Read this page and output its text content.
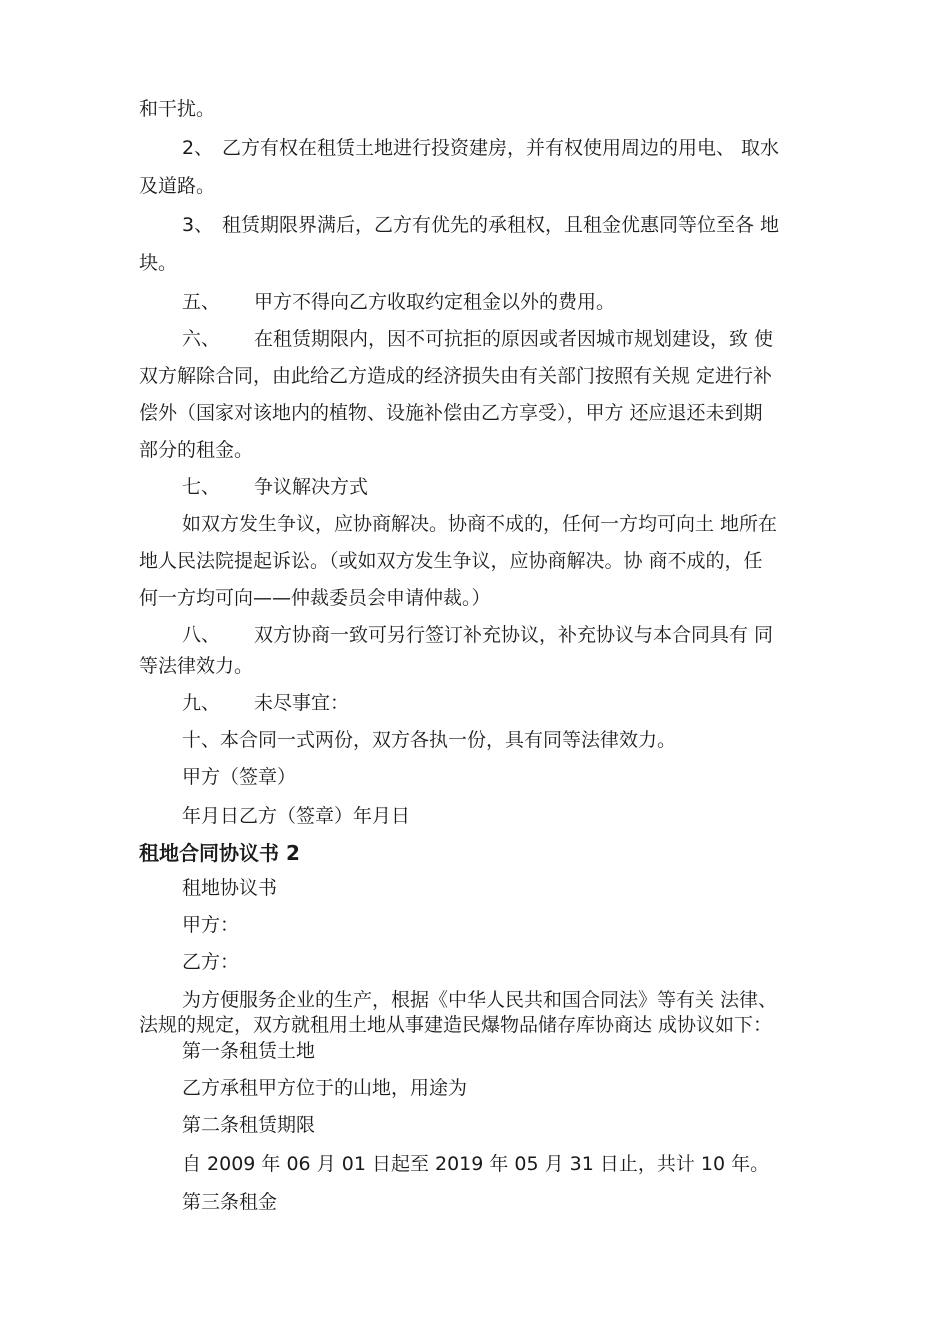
和干扰。

2、 乙方有权在租赁土地进行投资建房，并有权使用周边的用电、 取水

及道路。

3、 租赁期限界满后，乙方有优先的承租权，且租金优惠同等位至各 地

块。

五、 甲方不得向乙方收取约定租金以外的费用。
六、 在租赁期限内，因不可抗拒的原因或者因城市规划建设，致 使
双方解除合同，由此给乙方造成的经济损失由有关部门按照有关规 定进行补
偿外（国家对该地内的植物、设施补偿由乙方享受），甲方 还应退还未到期
部分的租金。
七、 争议解决方式
如双方发生争议，应协商解决。协商不成的，任何一方均可向土 地所在
地人民法院提起诉讼。（或如双方发生争议，应协商解决。协 商不成的，任
何一方均可向——仲裁委员会申请仲裁。）
八、 双方协商一致可另行签订补充协议，补充协议与本合同具有 同

等法律效力。

九、 未尽事宜：

十、本合同一式两份，双方各执一份，具有同等法律效力。

甲方（签章）

年月日乙方（签章）年月日

租地合同协议书 2

租地协议书

甲方：

乙方：

为方便服务企业的生产，根据《中华人民共和国合同法》等有关 法律、
法规的规定，双方就租用土地从事建造民爆物品储存库协商达 成协议如下：

第一条租赁土地

乙方承租甲方位于的山地，用途为

第二条租赁期限

自 2009 年 06 月 01 日起至 2019 年 05 月 31 日止，共计 10 年。

第三条租金
